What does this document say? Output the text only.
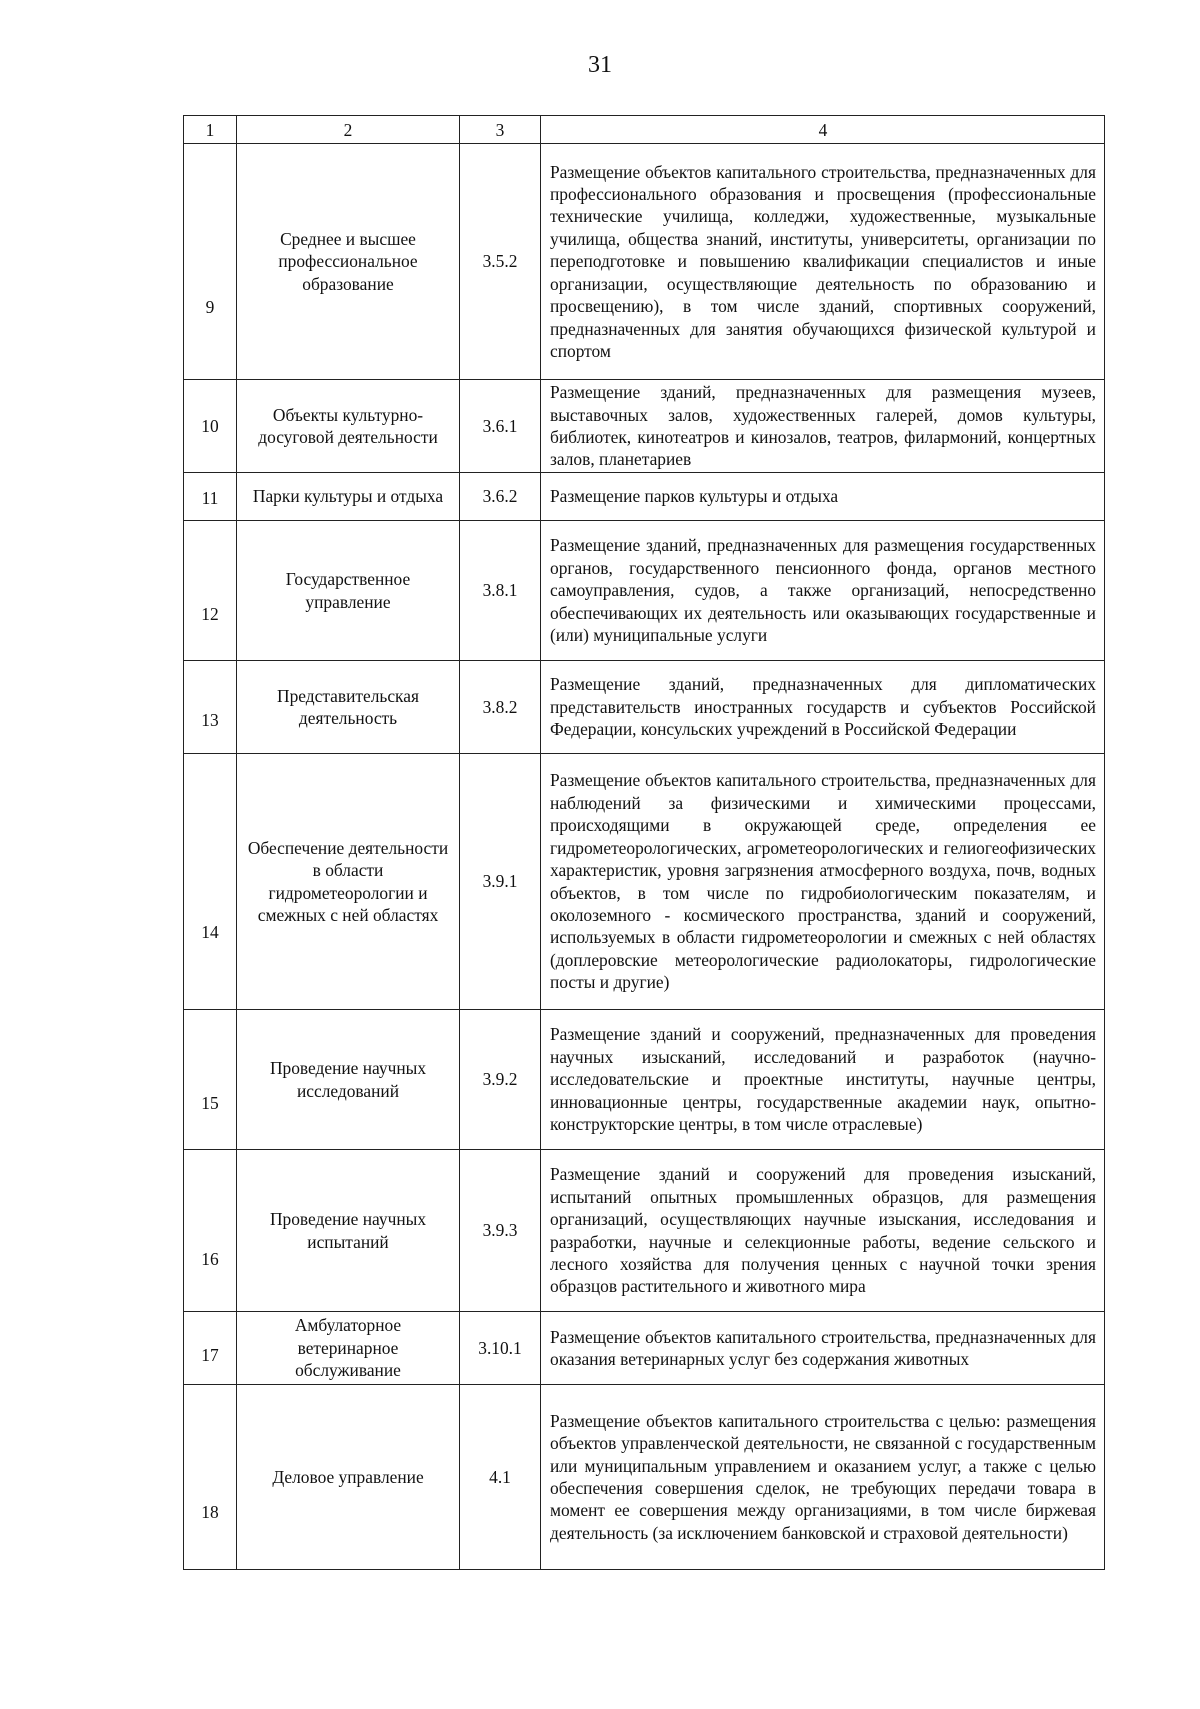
31
1	2	3	4
9	Среднее и высшее профессиональное образование	3.5.2	Размещение объектов капитального строительства, предназначенных для профессионального образования и просвещения (профессиональные технические училища, колледжи, художественные, музыкальные училища, общества знаний, институты, университеты, организации по переподготовке и повышению квалификации специалистов и иные организации, осуществляющие деятельность по образованию и просвещению), в том числе зданий, спортивных сооружений, предназначенных для занятия обучающихся физической культурой и спортом
10	Объекты культурно-досуговой деятельности	3.6.1	Размещение зданий, предназначенных для размещения музеев, выставочных залов, художественных галерей, домов культуры, библиотек, кинотеатров и кинозалов, театров, филармоний, концертных залов, планетариев
11	Парки культуры и отдыха	3.6.2	Размещение парков культуры и отдыха
12	Государственное управление	3.8.1	Размещение зданий, предназначенных для размещения государственных органов, государственного пенсионного фонда, органов местного самоуправления, судов, а также организаций, непосредственно обеспечивающих их деятельность или оказывающих государственные и (или) муниципальные услуги
13	Представительская деятельность	3.8.2	Размещение зданий, предназначенных для дипломатических представительств иностранных государств и субъектов Российской Федерации, консульских учреждений в Российской Федерации
14	Обеспечение деятельности в области гидрометеорологии и смежных с ней областях	3.9.1	Размещение объектов капитального строительства, предназначенных для наблюдений за физическими и химическими процессами, происходящими в окружающей среде, определения ее гидрометеорологических, агрометеорологических и гелиогеофизических характеристик, уровня загрязнения атмосферного воздуха, почв, водных объектов, в том числе по гидробиологическим показателям, и околоземного - космического пространства, зданий и сооружений, используемых в области гидрометеорологии и смежных с ней областях (доплеровские метеорологические радиолокаторы, гидрологические посты и другие)
15	Проведение научных исследований	3.9.2	Размещение зданий и сооружений, предназначенных для проведения научных изысканий, исследований и разработок (научно-исследовательские и проектные институты, научные центры, инновационные центры, государственные академии наук, опытно-конструкторские центры, в том числе отраслевые)
16	Проведение научных испытаний	3.9.3	Размещение зданий и сооружений для проведения изысканий, испытаний опытных промышленных образцов, для размещения организаций, осуществляющих научные изыскания, исследования и разработки, научные и селекционные работы, ведение сельского и лесного хозяйства для получения ценных с научной точки зрения образцов растительного и животного мира
17	Амбулаторное ветеринарное обслуживание	3.10.1	Размещение объектов капитального строительства, предназначенных для оказания ветеринарных услуг без содержания животных
18	Деловое управление	4.1	Размещение объектов капитального строительства с целью: размещения объектов управленческой деятельности, не связанной с государственным или муниципальным управлением и оказанием услуг, а также с целью обеспечения совершения сделок, не требующих передачи товара в момент ее совершения между организациями, в том числе биржевая деятельность (за исключением банковской и страховой деятельности)
